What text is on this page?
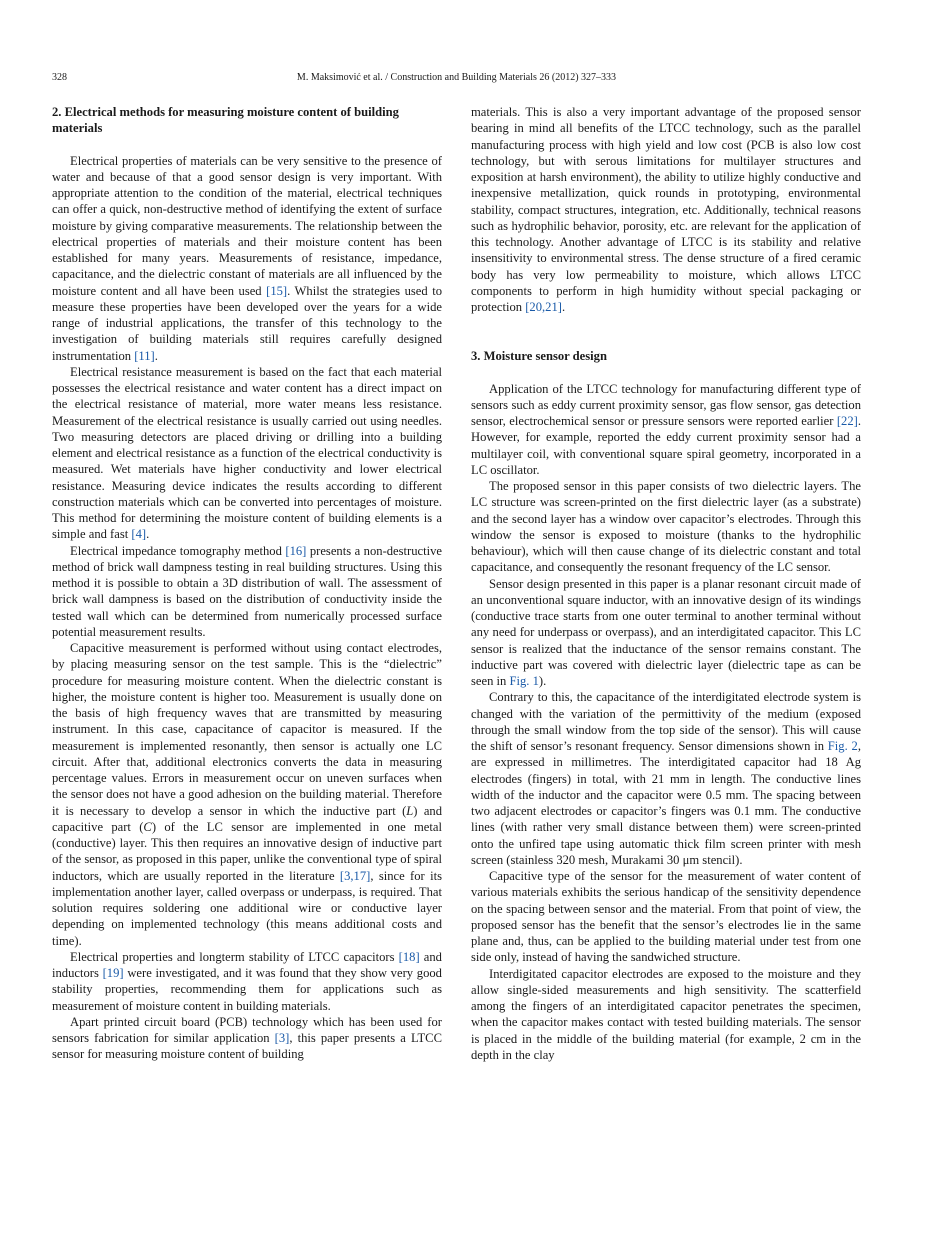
328	M. Maksimović et al. / Construction and Building Materials 26 (2012) 327–333
2. Electrical methods for measuring moisture content of building materials

Electrical properties of materials can be very sensitive to the presence of water and because of that a good sensor design is very important. With appropriate attention to the condition of the material, electrical techniques can offer a quick, non-destructive method of identifying the extent of surface moisture by giving comparative measurements. The relationship between the electrical properties of materials and their moisture content has been established for many years. Measurements of resistance, impedance, capacitance, and the dielectric constant of materials are all influenced by the moisture content and all have been used [15]. Whilst the strategies used to measure these properties have been developed over the years for a wide range of industrial applications, the transfer of this technology to the investigation of building materials still requires carefully designed instrumentation [11].

Electrical resistance measurement is based on the fact that each material possesses the electrical resistance and water content has a direct impact on the electrical resistance of material, more water means less resistance. Measurement of the electrical resistance is usually carried out using needles. Two measuring detectors are placed driving or drilling into a building element and electrical resistance as a function of the electrical conductivity is measured. Wet materials have higher conductivity and lower electrical resistance. Measuring device indicates the results according to different construction materials which can be converted into percentages of moisture. This method for determining the moisture content of building elements is a simple and fast [4].

Electrical impedance tomography method [16] presents a non-destructive method of brick wall dampness testing in real building structures. Using this method it is possible to obtain a 3D distribution of wall. The assessment of brick wall dampness is based on the distribution of conductivity inside the tested wall which can be determined from numerically processed surface potential measurement results.

Capacitive measurement is performed without using contact electrodes, by placing measuring sensor on the test sample. This is the “dielectric” procedure for measuring moisture content. When the dielectric constant is higher, the moisture content is higher too. Measurement is usually done on the basis of high frequency waves that are transmitted by measuring instrument. In this case, capacitance of capacitor is measured. If the measurement is implemented resonantly, then sensor is actually one LC circuit. After that, additional electronics converts the data in measuring percentage values. Errors in measurement occur on uneven surfaces when the sensor does not have a good adhesion on the building material. Therefore it is necessary to develop a sensor in which the inductive part (L) and capacitive part (C) of the LC sensor are implemented in one metal (conductive) layer. This then requires an innovative design of inductive part of the sensor, as proposed in this paper, unlike the conventional type of spiral inductors, which are usually reported in the literature [3,17], since for its implementation another layer, called overpass or underpass, is required. That solution requires soldering one additional wire or conductive layer depending on implemented technology (this means additional costs and time).

Electrical properties and longterm stability of LTCC capacitors [18] and inductors [19] were investigated, and it was found that they show very good stability properties, recommending them for applications such as measurement of moisture content in building materials.

Apart printed circuit board (PCB) technology which has been used for sensors fabrication for similar application [3], this paper presents a LTCC sensor for measuring moisture content of building

materials. This is also a very important advantage of the proposed sensor bearing in mind all benefits of the LTCC technology, such as the parallel manufacturing process with high yield and low cost (PCB is also low cost technology, but with serous limitations for multilayer structures and exposition at harsh environment), the ability to utilize highly conductive and inexpensive metallization, quick rounds in prototyping, environmental stability, compact structures, integration, etc. Additionally, technical reasons such as hydrophilic behavior, porosity, etc. are relevant for the application of this technology. Another advantage of LTCC is its stability and relative insensitivity to environmental stress. The dense structure of a fired ceramic body has very low permeability to moisture, which allows LTCC components to perform in high humidity without special packaging or protection [20,21].

3. Moisture sensor design

Application of the LTCC technology for manufacturing different type of sensors such as eddy current proximity sensor, gas flow sensor, gas detection sensor, electrochemical sensor or pressure sensors were reported earlier [22]. However, for example, reported the eddy current proximity sensor had a multilayer coil, with conventional square spiral geometry, incorporated in a LC oscillator.

The proposed sensor in this paper consists of two dielectric layers. The LC structure was screen-printed on the first dielectric layer (as a substrate) and the second layer has a window over capacitor’s electrodes. Through this window the sensor is exposed to moisture (thanks to the hydrophilic behaviour), which will then cause change of its dielectric constant and total capacitance, and consequently the resonant frequency of the LC sensor.

Sensor design presented in this paper is a planar resonant circuit made of an unconventional square inductor, with an innovative design of its windings (conductive trace starts from one outer terminal to another terminal without any need for underpass or overpass), and an interdigitated capacitor. This LC sensor is realized that the inductance of the sensor remains constant. The inductive part was covered with dielectric layer (dielectric tape as can be seen in Fig. 1).

Contrary to this, the capacitance of the interdigitated electrode system is changed with the variation of the permittivity of the medium (exposed through the small window from the top side of the sensor). This will cause the shift of sensor’s resonant frequency. Sensor dimensions shown in Fig. 2, are expressed in millimetres. The interdigitated capacitor had 18 Ag electrodes (fingers) in total, with 21 mm in length. The conductive lines width of the inductor and the capacitor were 0.5 mm. The spacing between two adjacent electrodes or capacitor’s fingers was 0.1 mm. The conductive lines (with rather very small distance between them) were screen-printed onto the unfired tape using automatic thick film screen printer with mesh screen (stainless 320 mesh, Murakami 30 μm stencil).

Capacitive type of the sensor for the measurement of water content of various materials exhibits the serious handicap of the sensitivity dependence on the spacing between sensor and the material. From that point of view, the proposed sensor has the benefit that the sensor’s electrodes lie in the same plane and, thus, can be applied to the building material under test from one side only, instead of having the sandwiched structure.

Interdigitated capacitor electrodes are exposed to the moisture and they allow single-sided measurements and high sensitivity. The scatterfield among the fingers of an interdigitated capacitor penetrates the specimen, when the capacitor makes contact with tested building materials. The sensor is placed in the middle of the building material (for example, 2 cm in the depth in the clay
